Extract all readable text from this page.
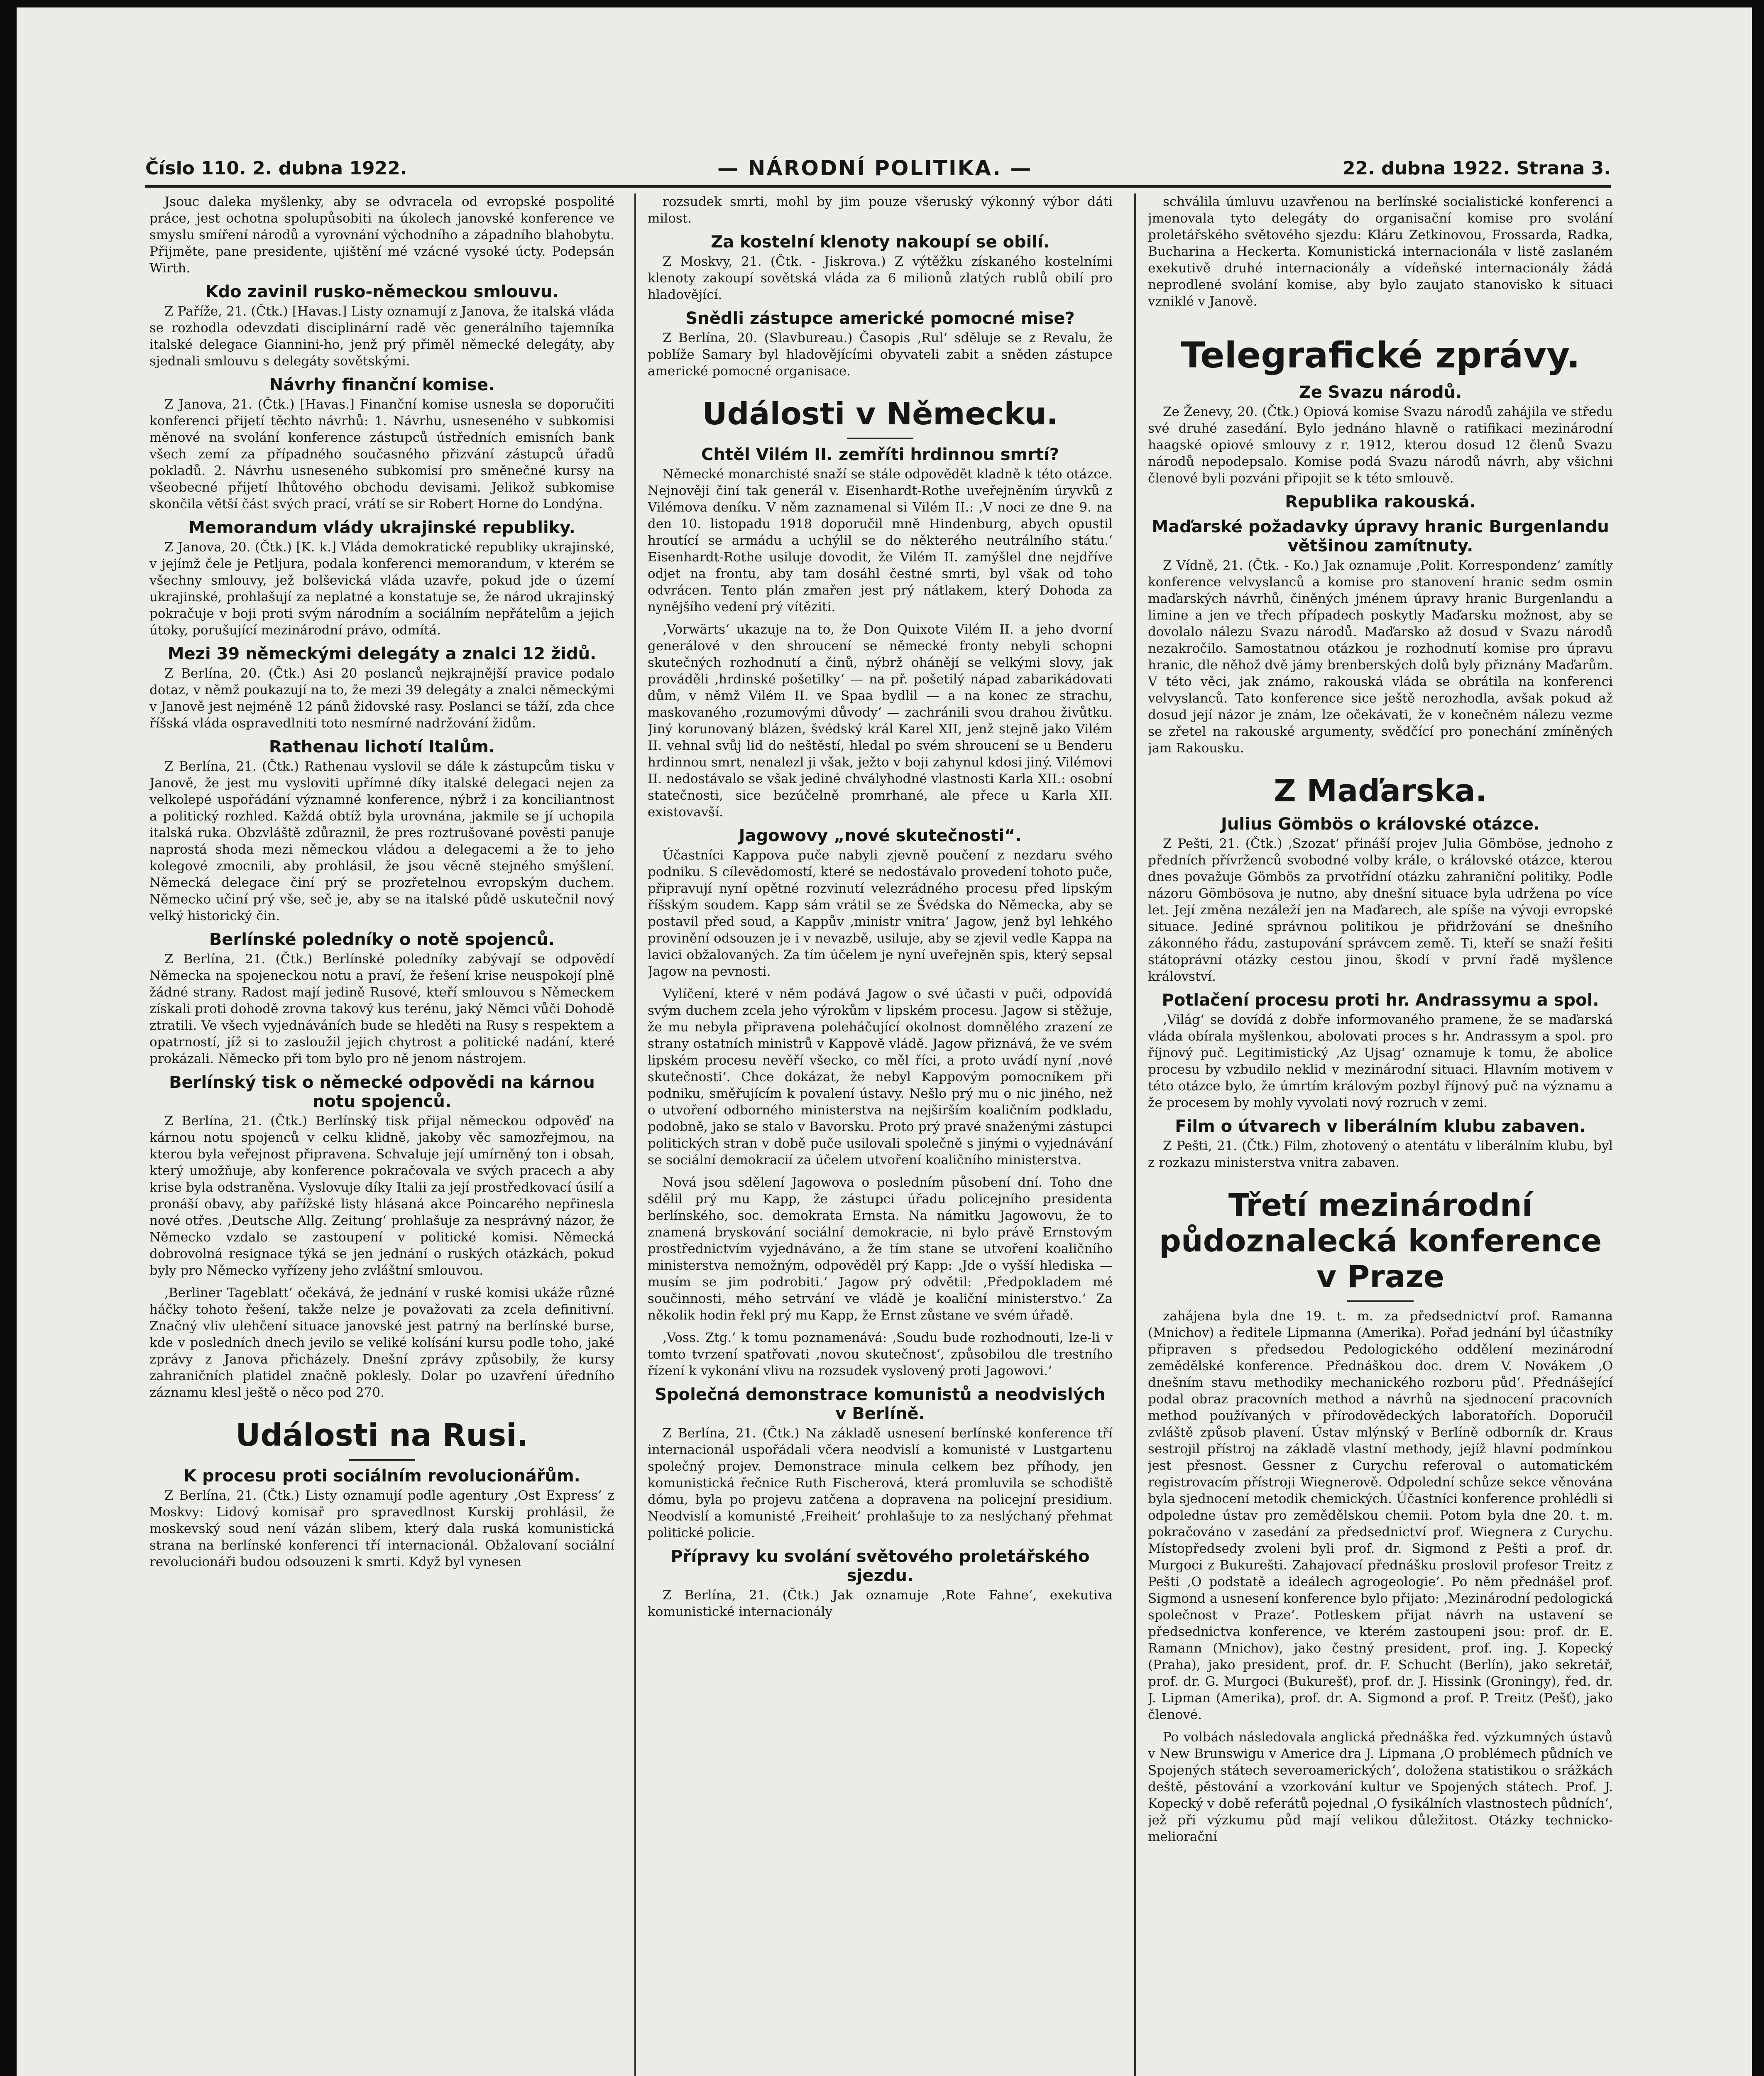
Číslo 110. 2. dubna 1922.	— NÁRODNÍ POLITIKA. —	22. dubna 1922. Strana 3.

Jsouc daleka myšlenky, aby se odvracela od evropské pospolité práce, jest ochotna spolupůsobiti na úkolech janovské konference ve smyslu smíření národů a vyrovnání východního a západního blahobytu. Přijměte, pane presidente, ujištění mé vzácné vysoké úcty. Podepsán Wirth.

Kdo zavinil rusko-německou smlouvu.

Z Paříže, 21. (Čtk.) [Havas.] Listy oznamují z Janova, že italská vláda se rozhodla odevzdati disciplinární radě věc generálního tajemníka italské delegace Giannini-ho, jenž prý přiměl německé delegáty, aby sjednali smlouvu s delegáty sovětskými.

Návrhy finanční komise.

Z Janova, 21. (Čtk.) [Havas.] Finanční komise usnesla se doporučiti konferenci přijetí těchto návrhů: 1. Návrhu, usneseného v subkomisi měnové na svolání konference zástupců ústředních emisních bank všech zemí za případného současného přizvání zástupců úřadů pokladů. 2. Návrhu usneseného subkomisí pro směnečné kursy na všeobecné přijetí lhůtového obchodu devisami. Jelikož subkomise skončila větší část svých prací, vrátí se sir Robert Horne do Londýna.

Memorandum vlády ukrajinské republiky.

Z Janova, 20. (Čtk.) [K. k.] Vláda demokratické republiky ukrajinské, v jejímž čele je Petljura, podala konferenci memorandum, v kterém se všechny smlouvy, jež bolševická vláda uzavře, pokud jde o území ukrajinské, prohlašují za neplatné a konstatuje se, že národ ukrajinský pokračuje v boji proti svým národním a sociálním nepřátelům a jejich útoky, porušující mezinárodní právo, odmítá.

Mezi 39 německými delegáty a znalci 12 židů.

Z Berlína, 20. (Čtk.) Asi 20 poslanců nejkrajnější pravice podalo dotaz, v němž poukazují na to, že mezi 39 delegáty a znalci německými v Janově jest nejméně 12 pánů židovské rasy. Poslanci se táží, zda chce říšská vláda ospravedlniti toto nesmírné nadržování židům.

Rathenau lichotí Italům.

Z Berlína, 21. (Čtk.) Rathenau vyslovil se dále k zástupcům tisku v Janově, že jest mu vysloviti upřímné díky italské delegaci nejen za velkolepé uspořádání významné konference, nýbrž i za konciliantnost a politický rozhled. Každá obtíž byla urovnána, jakmile se jí uchopila italská ruka. Obzvláště zdůraznil, že pres roztrušované pověsti panuje naprostá shoda mezi německou vládou a delegacemi a že to jeho kolegové zmocnili, aby prohlásil, že jsou věcně stejného smýšlení. Německá delegace činí prý se prozřetelnou evropským duchem. Německo učiní prý vše, seč je, aby se na italské půdě uskutečnil nový velký historický čin.

Berlínské poledníky o notě spojenců.

Z Berlína, 21. (Čtk.) Berlínské poledníky zabývají se odpovědí Německa na spojeneckou notu a praví, že řešení krise neuspokojí plně žádné strany. Radost mají jedině Rusové, kteří smlouvou s Německem získali proti dohodě zrovna takový kus terénu, jaký Němci vůči Dohodě ztratili. Ve všech vyjednáváních bude se hleděti na Rusy s respektem a opatrností, jíž si to zasloužil jejich chytrost a politické nadání, které prokázali. Německo při tom bylo pro ně jenom nástrojem.

Berlínský tisk o německé odpovědi na kárnou notu spojenců.

Z Berlína, 21. (Čtk.) Berlínský tisk přijal německou odpověď na kárnou notu spojenců v celku klidně, jakoby věc samozřejmou, na kterou byla veřejnost připravena. Schvaluje její umírněný ton i obsah, který umožňuje, aby konference pokračovala ve svých pracech a aby krise byla odstraněna. Vyslovuje díky Italii za její prostředkovací úsilí a pronáší obavy, aby pařížské listy hlásaná akce Poincarého nepřinesla nové otřes. ‚Deutsche Allg. Zeitung‘ prohlašuje za nesprávný názor, že Německo vzdalo se zastoupení v politické komisi. Německá dobrovolná resignace týká se jen jednání o ruských otázkách, pokud byly pro Německo vyřízeny jeho zvláštní smlouvou.

‚Berliner Tageblatt‘ očekává, že jednání v ruské komisi ukáže různé háčky tohoto řešení, takže nelze je považovati za zcela definitivní. Značný vliv ulehčení situace janovské jest patrný na berlínské burse, kde v posledních dnech jevilo se veliké kolísání kursu podle toho, jaké zprávy z Janova přicházely. Dnešní zprávy způsobily, že kursy zahraničních platidel značně poklesly. Dolar po uzavření úředního záznamu klesl ještě o něco pod 270.

Události na Rusi.
K procesu proti sociálním revolucionářům.

Z Berlína, 21. (Čtk.) Listy oznamují podle agentury ‚Ost Express‘ z Moskvy: Lidový komisař pro spravedlnost Kurskij prohlásil, že moskevský soud není vázán slibem, který dala ruská komunistická strana na berlínské konferenci tří internacionál. Obžalovaní sociální revolucionáři budou odsouzeni k smrti. Když byl vynesen

rozsudek smrti, mohl by jim pouze všeruský výkonný výbor dáti milost.

Za kostelní klenoty nakoupí se obilí.

Z Moskvy, 21. (Čtk. - Jiskrova.) Z výtěžku získaného kostelními klenoty zakoupí sovětská vláda za 6 milionů zlatých rublů obilí pro hladovějící.

Snědli zástupce americké pomocné mise?

Z Berlína, 20. (Slavbureau.) Časopis ‚Rul‘ sděluje se z Revalu, že poblíže Samary byl hladovějícími obyvateli zabit a sněden zástupce americké pomocné organisace.

Události v Německu.
Chtěl Vilém II. zemříti hrdinnou smrtí?

Německé monarchisté snaží se stále odpovědět kladně k této otázce. Nejnověji činí tak generál v. Eisenhardt-Rothe uveřejněním úryvků z Vilémova deníku. V něm zaznamenal si Vilém II.: ‚V noci ze dne 9. na den 10. listopadu 1918 doporučil mně Hindenburg, abych opustil hroutící se armádu a uchýlil se do některého neutrálního státu.‘ Eisenhardt-Rothe usiluje dovodit, že Vilém II. zamýšlel dne nejdříve odjet na frontu, aby tam dosáhl čestné smrti, byl však od toho odvrácen. Tento plán zmařen jest prý nátlakem, který Dohoda za nynějšího vedení prý vítěziti.

‚Vorwärts‘ ukazuje na to, že Don Quixote Vilém II. a jeho dvorní generálové v den shroucení se německé fronty nebyli schopni skutečných rozhodnutí a činů, nýbrž ohánějí se velkými slovy, jak prováděli ‚hrdinské pošetilky‘ — na př. pošetilý nápad zabarikádovati dům, v němž Vilém II. ve Spaa bydlil — a na konec ze strachu, maskovaného ‚rozumovými důvody‘ — zachránili svou drahou živůtku. Jiný korunovaný blázen, švédský král Karel XII, jenž stejně jako Vilém II. vehnal svůj lid do neštěstí, hledal po svém shroucení se u Benderu hrdinnou smrt, nenalezl ji však, ježto v boji zahynul kdosi jiný. Vilémovi II. nedostávalo se však jediné chvályhodné vlastnosti Karla XII.: osobní statečnosti, sice bezúčelně promrhané, ale přece u Karla XII. existovavší.

Jagowovy „nové skutečnosti“.

Účastníci Kappova puče nabyli zjevně poučení z nezdaru svého podniku. S cílevědomostí, které se nedostávalo provedení tohoto puče, připravují nyní opětné rozvinutí velezrádného procesu před lipským říšským soudem. Kapp sám vrátil se ze Švédska do Německa, aby se postavil před soud, a Kappův ‚ministr vnitra‘ Jagow, jenž byl lehkého provinění odsouzen je i v nevazbě, usiluje, aby se zjevil vedle Kappa na lavici obžalovaných. Za tím účelem je nyní uveřejněn spis, který sepsal Jagow na pevnosti.

Vylíčení, které v něm podává Jagow o své účasti v puči, odpovídá svým duchem zcela jeho výrokům v lipském procesu. Jagow si stěžuje, že mu nebyla připravena poleháčující okolnost domnělého zrazení ze strany ostatních ministrů v Kappově vládě. Jagow přiznává, že ve svém lipském procesu nevěří všecko, co měl říci, a proto uvádí nyní ‚nové skutečnosti‘. Chce dokázat, že nebyl Kappovým pomocníkem při podniku, směřujícím k povalení ústavy. Nešlo prý mu o nic jiného, než o utvoření odborného ministerstva na nejširším koaličním podkladu, podobně, jako se stalo v Bavorsku. Proto prý pravé snaženými zástupci politických stran v době puče usilovali společně s jinými o vyjednávání se sociální demokracií za účelem utvoření koaličního ministerstva.

Nová jsou sdělení Jagowova o posledním působení dní. Toho dne sdělil prý mu Kapp, že zástupci úřadu policejního presidenta berlínského, soc. demokrata Ernsta. Na námitku Jagowovu, že to znamená bryskování sociální demokracie, ni bylo právě Ernstovým prostřednictvím vyjednáváno, a že tím stane se utvoření koaličního ministerstva nemožným, odpověděl prý Kapp: ‚Jde o vyšší hlediska — musím se jim podrobiti.‘ Jagow prý odvětil: ‚Předpokladem mé součinnosti, mého setrvání ve vládě je koaliční ministerstvo.‘ Za několik hodin řekl prý mu Kapp, že Ernst zůstane ve svém úřadě.

‚Voss. Ztg.‘ k tomu poznamenává: ‚Soudu bude rozhodnouti, lze-li v tomto tvrzení spatřovati ‚novou skutečnost‘, způsobilou dle trestního řízení k vykonání vlivu na rozsudek vyslovený proti Jagowovi.‘

Společná demonstrace komunistů a neodvislých v Berlíně.

Z Berlína, 21. (Čtk.) Na základě usnesení berlínské konference tří internacionál uspořádali včera neodvislí a komunisté v Lustgartenu společný projev. Demonstrace minula celkem bez příhody, jen komunistická řečnice Ruth Fischerová, která promluvila se schodiště dómu, byla po projevu zatčena a dopravena na policejní presidium. Neodvislí a komunisté ‚Freiheit‘ prohlašuje to za neslýchaný přehmat politické policie.

Přípravy ku svolání světového proletářského sjezdu.

Z Berlína, 21. (Čtk.) Jak oznamuje ‚Rote Fahne‘, exekutiva komunistické internacionály

schválila úmluvu uzavřenou na berlínské socialistické konferenci a jmenovala tyto delegáty do organisační komise pro svolání proletářského světového sjezdu: Kláru Zetkinovou, Frossarda, Radka, Bucharina a Heckerta. Komunistická internacionála v listě zaslaném exekutivě druhé internacionály a vídeňské internacionály žádá neprodlené svolání komise, aby bylo zaujato stanovisko k situaci vzniklé v Janově.

Telegrafické zprávy.
Ze Svazu národů.

Ze Ženevy, 20. (Čtk.) Opiová komise Svazu národů zahájila ve středu své druhé zasedání. Bylo jednáno hlavně o ratifikaci mezinárodní haagské opiové smlouvy z r. 1912, kterou dosud 12 členů Svazu národů nepodepsalo. Komise podá Svazu národů návrh, aby všichni členové byli pozváni připojit se k této smlouvě.

Republika rakouská.
Maďarské požadavky úpravy hranic Burgenlandu většinou zamítnuty.

Z Vídně, 21. (Čtk. - Ko.) Jak oznamuje ‚Polit. Korrespondenz‘ zamítly konference velvyslanců a komise pro stanovení hranic sedm osmin maďarských návrhů, činěných jménem úpravy hranic Burgenlandu a limine a jen ve třech případech poskytly Maďarsku možnost, aby se dovolalo nálezu Svazu národů. Maďarsko až dosud v Svazu národů nezakročilo. Samostatnou otázkou je rozhodnutí komise pro úpravu hranic, dle něhož dvě jámy brenberských dolů byly přiznány Maďarům. V této věci, jak známo, rakouská vláda se obrátila na konferenci velvyslanců. Tato konference sice ještě nerozhodla, avšak pokud až dosud její názor je znám, lze očekávati, že v konečném nálezu vezme se zřetel na rakouské argumenty, svědčící pro ponechání zmíněných jam Rakousku.

Z Maďarska.
Julius Gömbös o královské otázce.

Z Pešti, 21. (Čtk.) ‚Szozat‘ přináší projev Julia Gömböse, jednoho z předních přívrženců svobodné volby krále, o královské otázce, kterou dnes považuje Gömbös za prvotřídní otázku zahraniční politiky. Podle názoru Gömbösova je nutno, aby dnešní situace byla udržena po více let. Její změna nezáleží jen na Maďarech, ale spíše na vývoji evropské situace. Jediné správnou politikou je přidržování se dnešního zákonného řádu, zastupování správcem země. Ti, kteří se snaží řešiti státoprávní otázky cestou jinou, škodí v první řadě myšlence království.

Potlačení procesu proti hr. Andrassymu a spol.

‚Világ‘ se dovídá z dobře informovaného pramene, že se maďarská vláda obírala myšlenkou, abolovati proces s hr. Andrassym a spol. pro říjnový puč. Legitimistický ‚Az Ujsag‘ oznamuje k tomu, že abolice procesu by vzbudilo neklid v mezinárodní situaci. Hlavním motivem v této otázce bylo, že úmrtím královým pozbyl říjnový puč na významu a že procesem by mohly vyvolati nový rozruch v zemi.

Film o útvarech v liberálním klubu zabaven.

Z Pešti, 21. (Čtk.) Film, zhotovený o atentátu v liberálním klubu, byl z rozkazu ministerstva vnitra zabaven.

Třetí mezinárodní půdoznalecká konference v Praze

zahájena byla dne 19. t. m. za předsednictví prof. Ramanna (Mnichov) a ředitele Lipmanna (Amerika). Pořad jednání byl účastníky připraven s předsedou Pedologického oddělení mezinárodní zemědělské konference. Přednáškou doc. drem V. Novákem ‚O dnešním stavu methodiky mechanického rozboru půd‘. Přednášející podal obraz pracovních method a návrhů na sjednocení pracovních method používaných v přírodovědeckých laboratořích. Doporučil zvláště způsob plavení. Ústav mlýnský v Berlíně odborník dr. Kraus sestrojil přístroj na základě vlastní methody, jejíž hlavní podmínkou jest přesnost. Gessner z Curychu referoval o automatickém registrovacím přístroji Wiegnerově. Odpolední schůze sekce věnována byla sjednocení metodik chemických. Účastníci konference prohlédli si odpoledne ústav pro zemědělskou chemii. Potom byla dne 20. t. m. pokračováno v zasedání za předsednictví prof. Wiegnera z Curychu. Místopředsedy zvoleni byli prof. dr. Sigmond z Pešti a prof. dr. Murgoci z Bukurešti. Zahajovací přednášku proslovil profesor Treitz z Pešti ‚O podstatě a ideálech agrogeologie‘. Po něm přednášel prof. Sigmond a usnesení konference bylo přijato: ‚Mezinárodní pedologická společnost v Praze‘. Potleskem přijat návrh na ustavení se předsednictva konference, ve kterém zastoupeni jsou: prof. dr. E. Ramann (Mnichov), jako čestný president, prof. ing. J. Kopecký (Praha), jako president, prof. dr. F. Schucht (Berlín), jako sekretář, prof. dr. G. Murgoci (Bukurešť), prof. dr. J. Hissink (Groningy), řed. dr. J. Lipman (Amerika), prof. dr. A. Sigmond a prof. P. Treitz (Pešť), jako členové.

Po volbách následovala anglická přednáška řed. výzkumných ústavů v New Brunswigu v Americe dra J. Lipmana ‚O problémech půdních ve Spojených státech severoamerických‘, doložena statistikou o srážkách deště, pěstování a vzorkování kultur ve Spojených státech. Prof. J. Kopecký v době referátů pojednal ‚O fysikálních vlastnostech půdních‘, jež při výzkumu půd mají velikou důležitost. Otázky technicko-meliorační
